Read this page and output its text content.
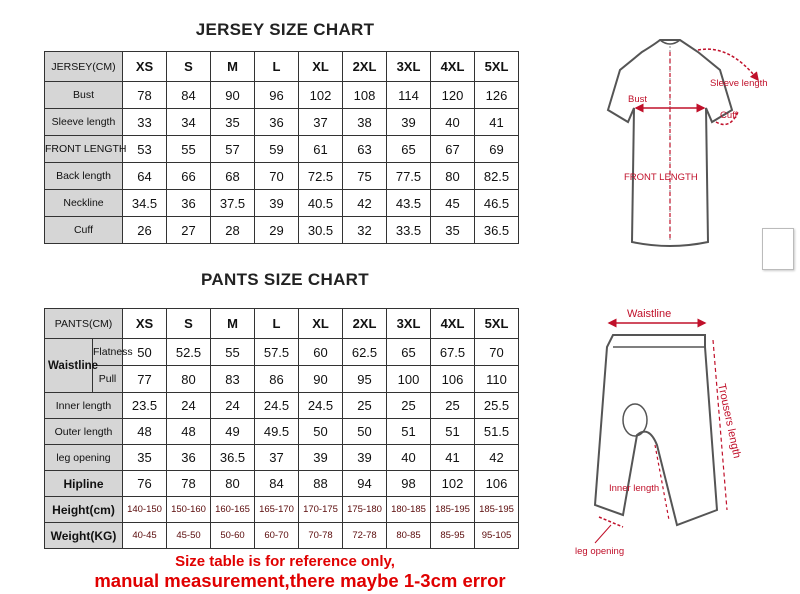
JERSEY SIZE CHART
JERSEY(CM)	XS	S	M	L	XL	2XL	3XL	4XL	5XL
Bust	78	84	90	96	102	108	114	120	126
Sleeve length	33	34	35	36	37	38	39	40	41
FRONT LENGTH	53	55	57	59	61	63	65	67	69
Back length	64	66	68	70	72.5	75	77.5	80	82.5
Neckline	34.5	36	37.5	39	40.5	42	43.5	45	46.5
Cuff	26	27	28	29	30.5	32	33.5	35	36.5
PANTS SIZE CHART
PANTS(CM)		XS	S	M	L	XL	2XL	3XL	4XL	5XL
Waistline	Flatness	50	52.5	55	57.5	60	62.5	65	67.5	70
	Pull	77	80	83	86	90	95	100	106	110
Inner length		23.5	24	24	24.5	24.5	25	25	25	25.5
Outer length		48	48	49	49.5	50	50	51	51	51.5
leg opening		35	36	36.5	37	39	39	40	41	42
Hipline		76	78	80	84	88	94	98	102	106
Height(cm)		140-150	150-160	160-165	165-170	170-175	175-180	180-185	185-195	185-195
Weight(KG)		40-45	45-50	50-60	60-70	70-78	72-78	80-85	85-95	95-105
Size table is for reference only,
manual measurement,there maybe 1-3cm error
Bust
Sleeve length
Cuff
FRONT LENGTH
Waistline
Trousers length
Inner length
leg opening
